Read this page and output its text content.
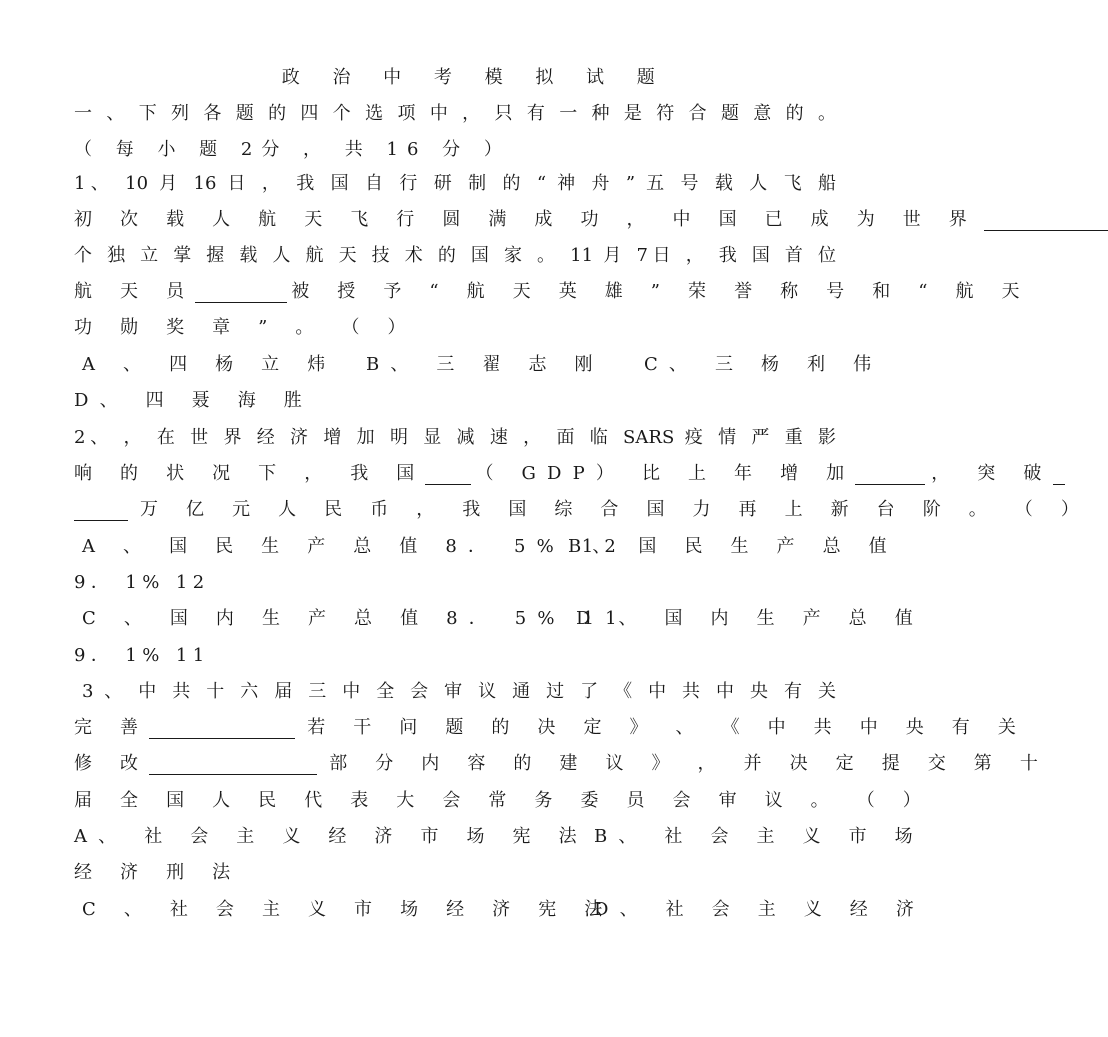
政 治 中 考 模 拟 试 题
一 、 下 列 各 题 的 四 个 选 项 中 ， 只 有 一 种 是 符 合 题 意 的 。
（ 每 小 题 2分 ， 共 16 分 ）
1、 10 月 16 日 ， 我 国 自 行 研 制 的 “ 神 舟 ” 五 号 载 人 飞 船
初 次 载 人 航 天 飞 行 圆 满 成 功 ， 中 国 已 成 为 世 界
个 独 立 掌 握 载 人 航 天 技 术 的 国 家 。 11 月 7日 ， 我 国 首 位
航 天 员	被 授 予 “ 航 天 英 雄 ” 荣 誉 称 号 和 “ 航 天
功 勋 奖 章 ” 。 （ ）
A 、 四 杨 立 炜 B、 三 翟 志 刚 C、 三 杨 利 伟
D、 四 聂 海 胜
2、 ， 在 世 界 经 济 增 加 明 显 减 速 ， 面 临 SARS 疫 情 严 重 影
响 的 状 况 下 ， 我 国	（ GDP） 比 上 年 增 加	， 突 破
万 亿 元 人 民 币 ， 我 国 综 合 国 力 再 上 新 台 阶 。 （ ）
A 、 国 民 生 产 总 值 8． 5% 12
B、 国 民 生 产 总 值
9． 1% 12
C 、 国 内 生 产 总 值 8． 5% 11
D 、 国 内 生 产 总 值
9． 1% 11
3 、 中 共 十 六 届 三 中 全 会 审 议 通 过 了 《 中 共 中 央 有 关
完 善	若 干 问 题 的 决 定 》 、 《 中 共 中 央 有 关
修 改	部 分 内 容 的 建 议 》 ， 并 决 定 提 交 第 十
届 全 国 人 民 代 表 大 会 常 务 委 员 会 审 议 。 （ ）
A、 社 会 主 义 经 济 市 场 宪 法 B、 社 会 主 义 市 场
经 济 刑 法
C 、 社 会 主 义 市 场 经 济 宪 法
D、 社 会 主 义 经 济
